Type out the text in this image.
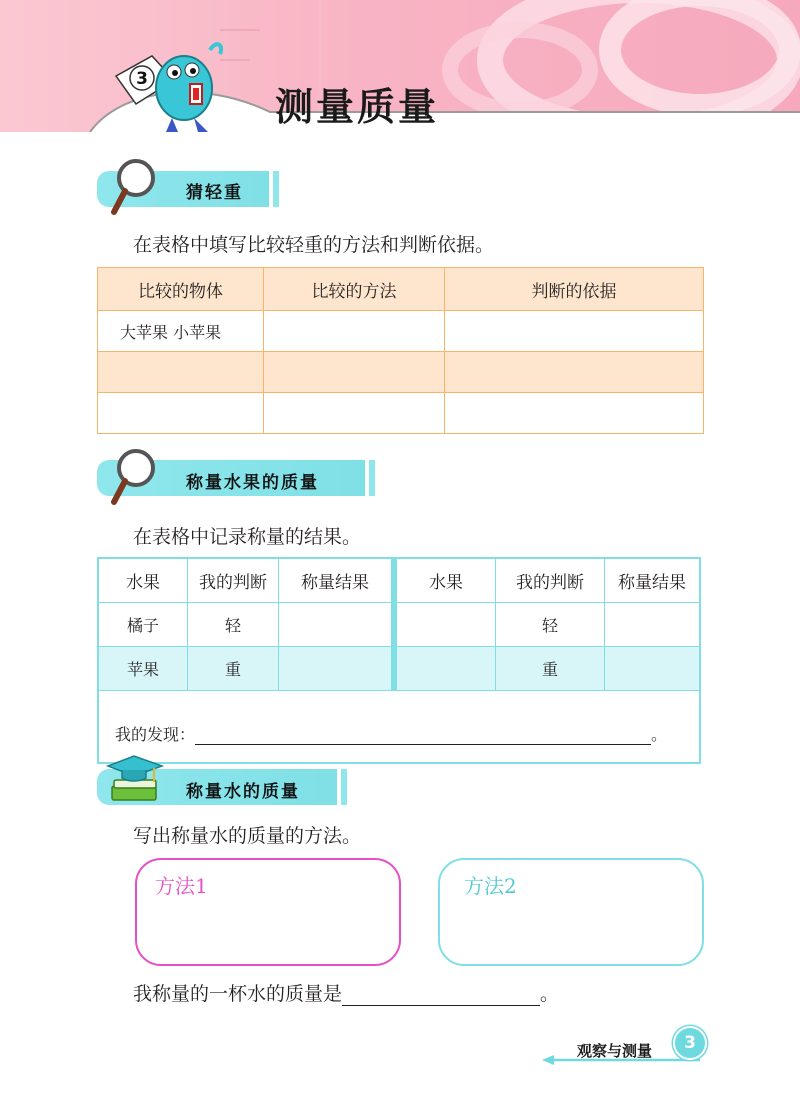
3
测量质量
猜轻重
在表格中填写比较轻重的方法和判断依据。
比较的物体	比较的方法	判断的依据
大苹果 小苹果		

称量水果的质量
在表格中记录称量的结果。
水果	我的判断	称量结果	水果	我的判断	称量结果
橘子	轻			轻	
苹果	重			重	
我的发现： 。					
称量水的质量
写出称量水的质量的方法。
方法1	方法2
我称量的一杯水的质量是	。
观察与测量	3
